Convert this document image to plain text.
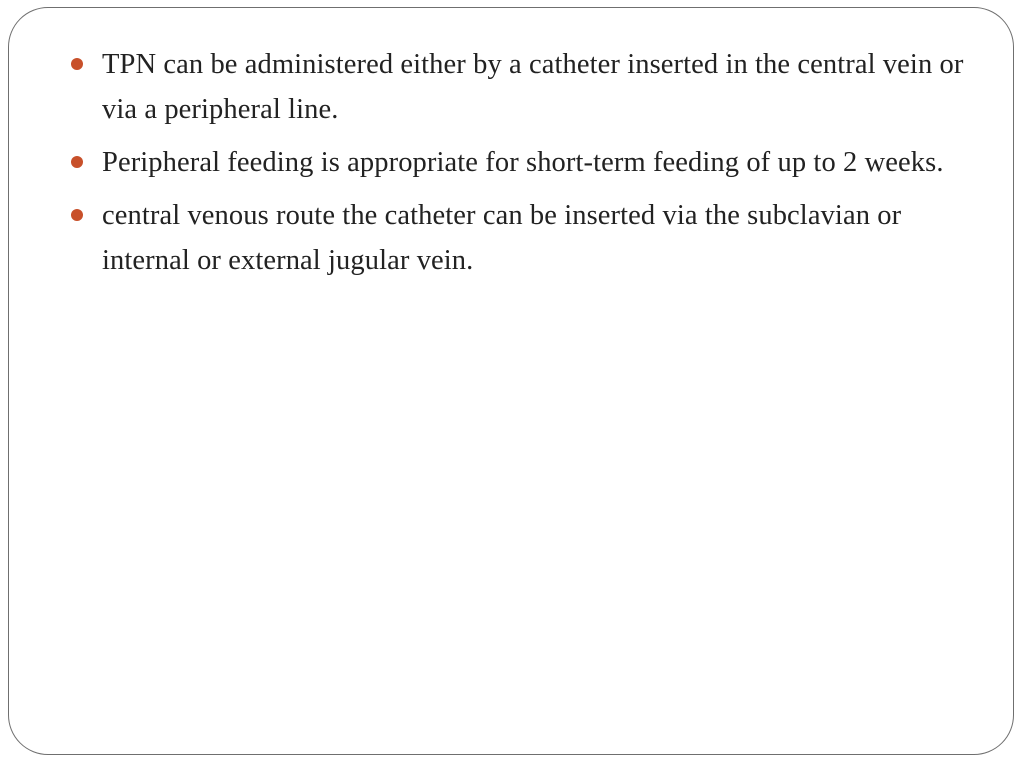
TPN can be administered either by a catheter inserted in the central vein or via a peripheral line.
Peripheral feeding is appropriate for short-term feeding of up to 2 weeks.
central venous route the catheter can be inserted via the subclavian or internal or external jugular vein.
